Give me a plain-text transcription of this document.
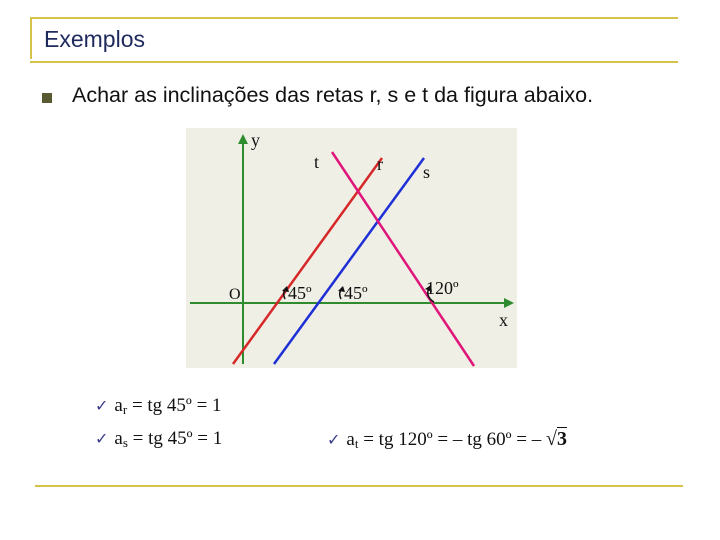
Exemplos
Achar as inclinações das retas r, s e t da figura abaixo.
y
x
O
t	r s
45º 45º	120º
✓ $a_r$ = tg 45º = 1
✓ $a_s$ = tg 45º = 1	✓ $a_t$ = tg 120º = – tg 60º = – √3
